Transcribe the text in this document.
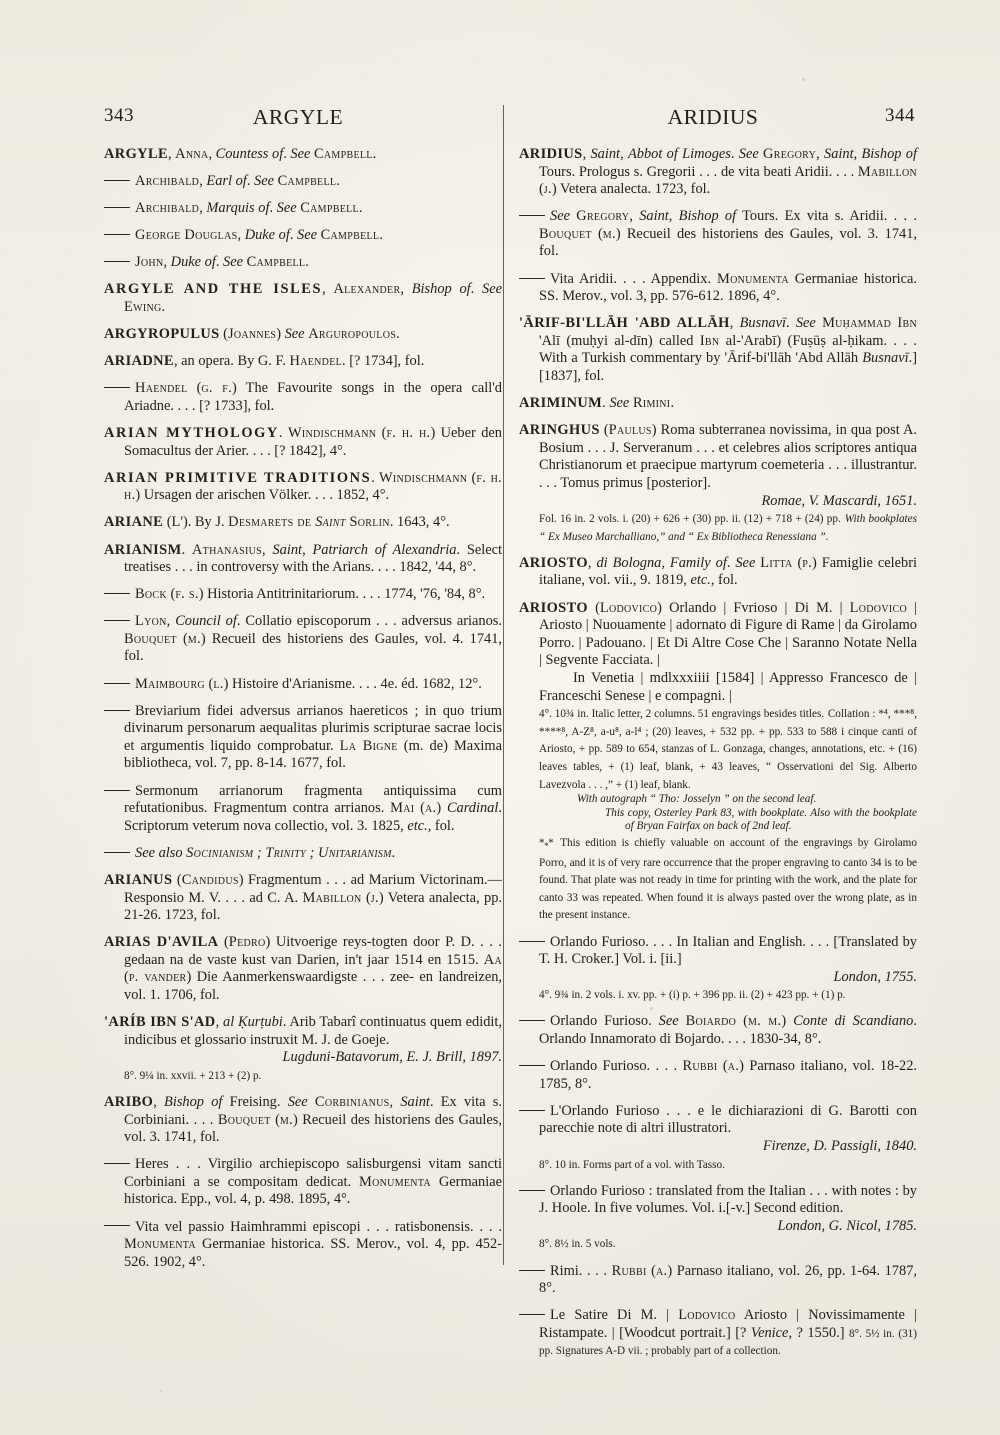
343	ARGYLE	344
ARIDIUS
ARGYLE, Anna, Countess of. See Campbell.
Archibald, Earl of. See Campbell.
Archibald, Marquis of. See Campbell.
George Douglas, Duke of. See Campbell.
John, Duke of. See Campbell.
ARGYLE AND THE ISLES, Alexander, Bishop of. See Ewing.
ARGYROPULUS (Joannes) See Arguropoulos.
ARIADNE, an opera. By G. F. Haendel. [? 1734], fol.
Haendel (g. f.) The Favourite songs in the opera call'd Ariadne. . . . [? 1733], fol.
ARIAN MYTHOLOGY. Windischmann (f. h. h.) Ueber den Somacultus der Arier. . . . [? 1842], 4°.
ARIAN PRIMITIVE TRADITIONS. Windischmann (f. h. h.) Ursagen der arischen Völker. . . . 1852, 4°.
ARIANE (L'). By J. Desmarets de Saint Sorlin. 1643, 4°.
ARIANISM. Athanasius, Saint, Patriarch of Alexandria. Select treatises . . . in controversy with the Arians. . . . 1842, '44, 8°.
Bock (f. s.) Historia Antitrinitariorum. . . . 1774, '76, '84, 8°.
Lyon, Council of. Collatio episcoporum . . . adversus arianos. Bouquet (m.) Recueil des historiens des Gaules, vol. 4. 1741, fol.
Maimbourg (l.) Histoire d'Arianisme. . . . 4e. éd. 1682, 12°.
Breviarium fidei adversus arrianos haereticos ; in quo trium divinarum personarum aequalitas plurimis scripturae sacrae locis et argumentis liquido comprobatur. La Bigne (m. de) Maxima bibliotheca, vol. 7, pp. 8-14. 1677, fol.
Sermonum arrianorum fragmenta antiquissima cum refutationibus. Fragmentum contra arrianos. Mai (a.) Cardinal. Scriptorum veterum nova collectio, vol. 3. 1825, etc., fol.
See also Socinianism ; Trinity ; Unitarianism.
ARIANUS (Candidus) Fragmentum . . . ad Marium Victorinam.—Responsio M. V. . . . ad C. A. Mabillon (j.) Vetera analecta, pp. 21-26. 1723, fol.
ARIAS D'AVILA (Pedro) Uitvoerige reys-togten door P. D. . . . gedaan na de vaste kust van Darien, in't jaar 1514 en 1515. Aa (p. vander) Die Aanmerkenswaardigste . . . zee- en landreizen, vol. 1. 1706, fol.
'ARÍB IBN S'AD, al Ḳurṭubi. Arib Tabarî continuatus quem edidit, indicibus et glossario instruxit M. J. de Goeje.
Lugduni-Batavorum, E. J. Brill, 1897.
8°. 9¼ in. xxvii. + 213 + (2) p.
ARIBO, Bishop of Freising. See Corbinianus, Saint. Ex vita s. Corbiniani. . . . Bouquet (m.) Recueil des historiens des Gaules, vol. 3. 1741, fol.
Heres . . . Virgilio archiepiscopo salisburgensi vitam sancti Corbiniani a se compositam dedicat. Monumenta Germaniae historica. Epp., vol. 4, p. 498. 1895, 4°.
Vita vel passio Haimhrammi episcopi . . . ratisbonensis. . . . Monumenta Germaniae historica. SS. Merov., vol. 4, pp. 452-526. 1902, 4°.
ARIDIUS, Saint, Abbot of Limoges. See Gregory, Saint, Bishop of Tours. Prologus s. Gregorii . . . de vita beati Aridii. . . . Mabillon (j.) Vetera analecta. 1723, fol.
See Gregory, Saint, Bishop of Tours. Ex vita s. Aridii. . . . Bouquet (m.) Recueil des historiens des Gaules, vol. 3. 1741, fol.
Vita Aridii. . . . Appendix. Monumenta Germaniae historica. SS. Merov., vol. 3, pp. 576-612. 1896, 4°.
'ĀRIF-BI'LLĀH 'ABD ALLĀH, Busnavī. See Muḥammad Ibn 'Alī (muḥyi al-dīn) called Ibn al-'Arabī) (Fuṣūṣ al-ḥikam. . . . With a Turkish commentary by 'Ārif-bi'llāh 'Abd Allāh Busnavī.] [1837], fol.
ARIMINUM. See Rimini.
ARINGHUS (Paulus) Roma subterranea novissima, in qua post A. Bosium . . . J. Serveranum . . . et celebres alios scriptores antiqua Christianorum et praecipue martyrum coemeteria . . . illustrantur. . . . Tomus primus [posterior].
Romae, V. Mascardi, 1651.
Fol. 16 in. 2 vols. i. (20) + 626 + (30) pp. ii. (12) + 718 + (24) pp. With bookplates “ Ex Museo Marchalliano,” and “ Ex Bibliotheca Renessiana ”.
ARIOSTO, di Bologna, Family of. See Litta (p.) Famiglie celebri italiane, vol. vii., 9. 1819, etc., fol.
ARIOSTO (Lodovico) Orlando | Fvrioso | Di M. | Lodovico | Ariosto | Nuouamente | adornato di Figure di Rame | da Girolamo Porro. | Padouano. | Et Di Altre Cose Che | Saranno Notate Nella | Segvente Facciata. |
In Venetia | mdlxxxiiii [1584] | Appresso Francesco de | Franceschi Senese | e compagni. |
4°. 10¾ in. Italic letter, 2 columns. 51 engravings besides titles. Collation : *⁴, ***⁸, ****⁸, A-Z⁸, a-u⁸, a-l⁴ ; (20) leaves, + 532 pp. + pp. 533 to 588 i cinque canti of Ariosto, + pp. 589 to 654, stanzas of L. Gonzaga, changes, annotations, etc. + (16) leaves tables, + (1) leaf, blank, + 43 leaves, “ Osservationi del Sig. Alberto Lavezvola . . . ,” + (1) leaf, blank.
With autograph “ Tho: Josselyn ” on the second leaf.
This copy, Osterley Park 83, with bookplate. Also with the bookplate of Bryan Fairfax on back of 2nd leaf.
$*_**$ This edition is chiefly valuable on account of the engravings by Girolamo Porro, and it is of very rare occurrence that the proper engraving to canto 34 is to be found. That plate was not ready in time for printing with the work, and the plate for canto 33 was repeated. When found it is always pasted over the wrong plate, as in the present instance.
Orlando Furioso. . . . In Italian and English. . . . [Translated by T. H. Croker.] Vol. i. [ii.]
London, 1755.
4°. 9¾ in. 2 vols. i. xv. pp. + (i) p. + 396 pp. ii. (2) + 423 pp. + (1) p.
Orlando Furioso. See Boiardo (m. m.) Conte di Scandiano. Orlando Innamorato di Bojardo. . . . 1830-34, 8°.
Orlando Furioso. . . . Rubbi (a.) Parnaso italiano, vol. 18-22. 1785, 8°.
L'Orlando Furioso . . . e le dichiarazioni di G. Barotti con parecchie note di altri illustratori.
Firenze, D. Passigli, 1840.
8°. 10 in. Forms part of a vol. with Tasso.
Orlando Furioso : translated from the Italian . . . with notes : by J. Hoole. In five volumes. Vol. i.[-v.] Second edition.
London, G. Nicol, 1785.
8°. 8½ in. 5 vols.
Rimi. . . . Rubbi (a.) Parnaso italiano, vol. 26, pp. 1-64. 1787, 8°.
Le Satire Di M. | Lodovico Ariosto | Novissimamente | Ristampate. | [Woodcut portrait.] [? Venice, ? 1550.] 8°. 5½ in. (31) pp. Signatures A-D vii. ; probably part of a collection.
